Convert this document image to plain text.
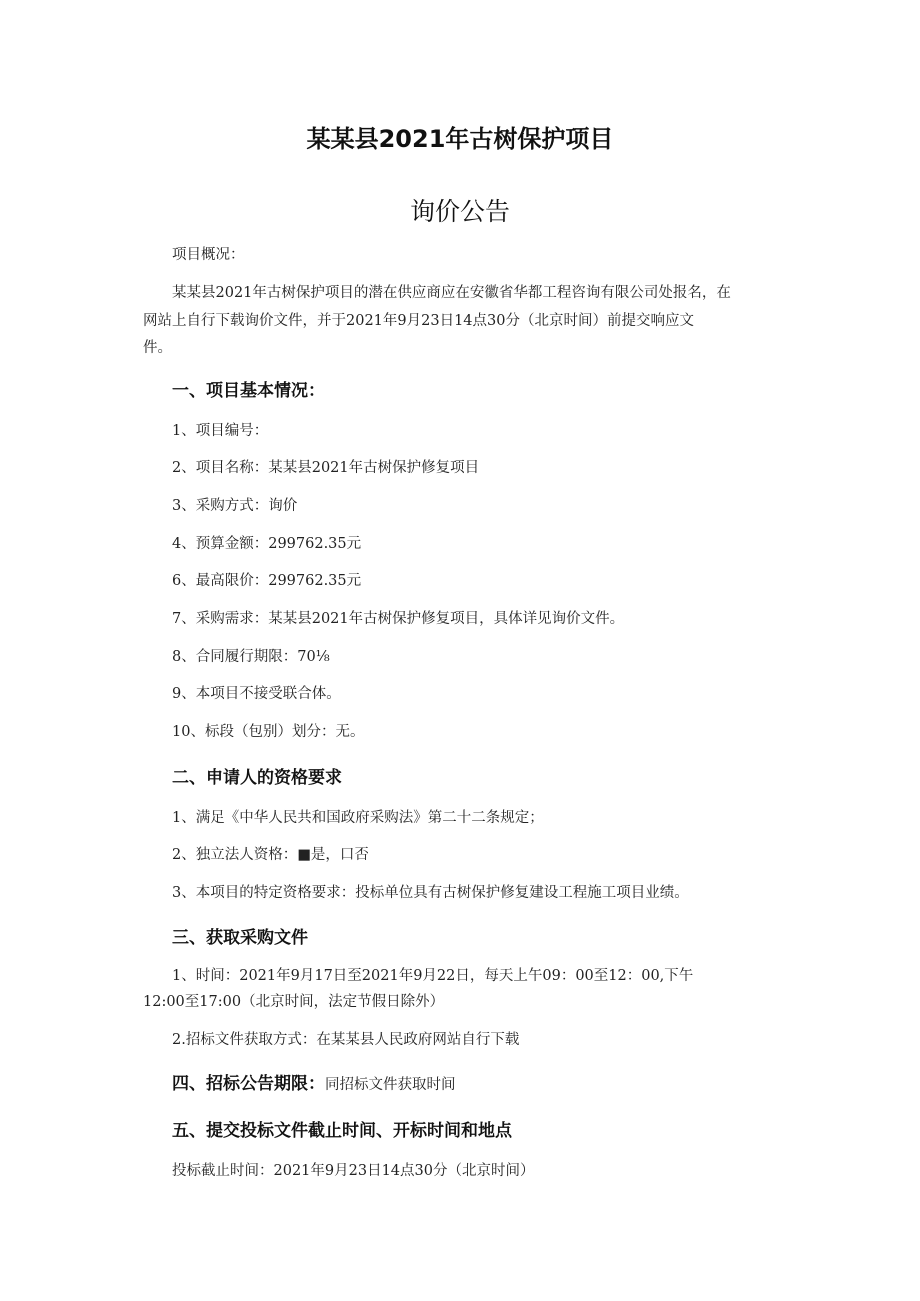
某某县2021年古树保护项目
询价公告
项目概况：
某某县2021年古树保护项目的潜在供应商应在安徽省华都工程咨询有限公司处报名，在
网站上自行下载询价文件，并于2021年9月23日14点30分（北京时间）前提交响应文
件。
一、项目基本情况：
1、项目编号：
2、项目名称：某某县2021年古树保护修复项目
3、采购方式：询价
4、预算金额：299762.35元
6、最高限价：299762.35元
7、采购需求：某某县2021年古树保护修复项目，具体详见询价文件。
8、合同履行期限：70⅛
9、本项目不接受联合体。
10、标段（包别）划分：无。
二、申请人的资格要求
1、满足《中华人民共和国政府采购法》第二十二条规定；
2、独立法人资格：■是，口否
3、本项目的特定资格要求：投标单位具有古树保护修复建设工程施工项目业绩。
三、获取采购文件
1、时间：2021年9月17日至2021年9月22日，每天上午09：00至12：00,下午
12:00至17:00（北京时间，法定节假日除外）
2.招标文件获取方式：在某某县人民政府网站自行下载
四、招标公告期限：同招标文件获取时间
五、提交投标文件截止时间、开标时间和地点
投标截止时间：2021年9月23日14点30分（北京时间）
